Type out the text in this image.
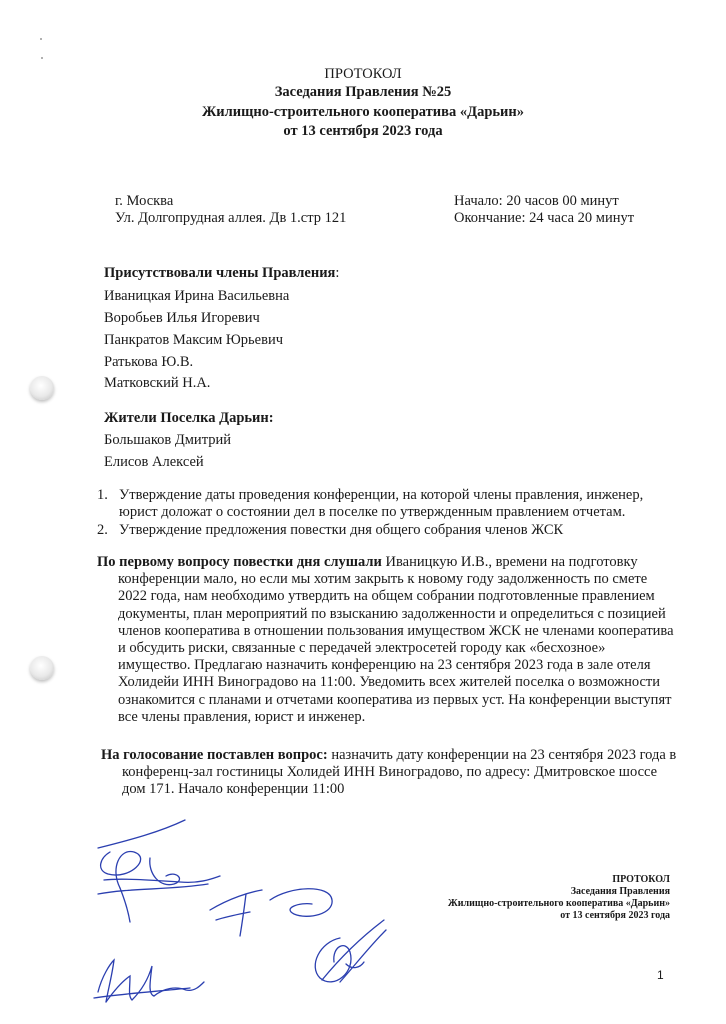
ПРОТОКОЛ
Заседания Правления №25
Жилищно-строительного кооператива «Дарьин»
от 13 сентября 2023 года
г. Москва
Ул. Долгопрудная аллея. Дв 1.стр 121
Начало: 20 часов 00 минут
Окончание: 24 часа 20 минут
Присутствовали члены Правления:
Иваницкая Ирина Васильевна
Воробьев Илья Игоревич
Панкратов Максим Юрьевич
Ратькова Ю.В.
Матковский Н.А.
Жители Поселка Дарьин:
Большаков Дмитрий
Елисов Алексей
1. Утверждение даты проведения конференции, на которой члены правления, инженер, юрист доложат о состоянии дел в поселке по утвержденным правлением отчетам.
2. Утверждение предложения повестки дня общего собрания членов ЖСК
По первому вопросу повестки дня слушали Иваницкую И.В., времени на подготовку конференции мало, но если мы хотим закрыть к новому году задолженность по смете 2022 года, нам необходимо утвердить на общем собрании подготовленные правлением документы, план мероприятий по взысканию задолженности и определиться с позицией членов кооператива в отношении пользования имуществом ЖСК не членами кооператива и обсудить риски, связанные с передачей электросетей городу как «бесхозное» имущество. Предлагаю назначить конференцию на 23 сентября 2023 года в зале отеля Холидейи ИНН Виноградово на 11:00. Уведомить всех жителей поселка о возможности ознакомится с планами и отчетами кооператива из первых уст. На конференции выступят все члены правления, юрист и инженер.
На голосование поставлен вопрос: назначить дату конференции на 23 сентября 2023 года в конференц-зал гостиницы Холидей ИНН Виноградово, по адресу: Дмитровское шоссе дом 171. Начало конференции 11:00
ПРОТОКОЛ
Заседания Правления
Жилищно-строительного кооператива «Дарьин»
от 13 сентября 2023 года
1
